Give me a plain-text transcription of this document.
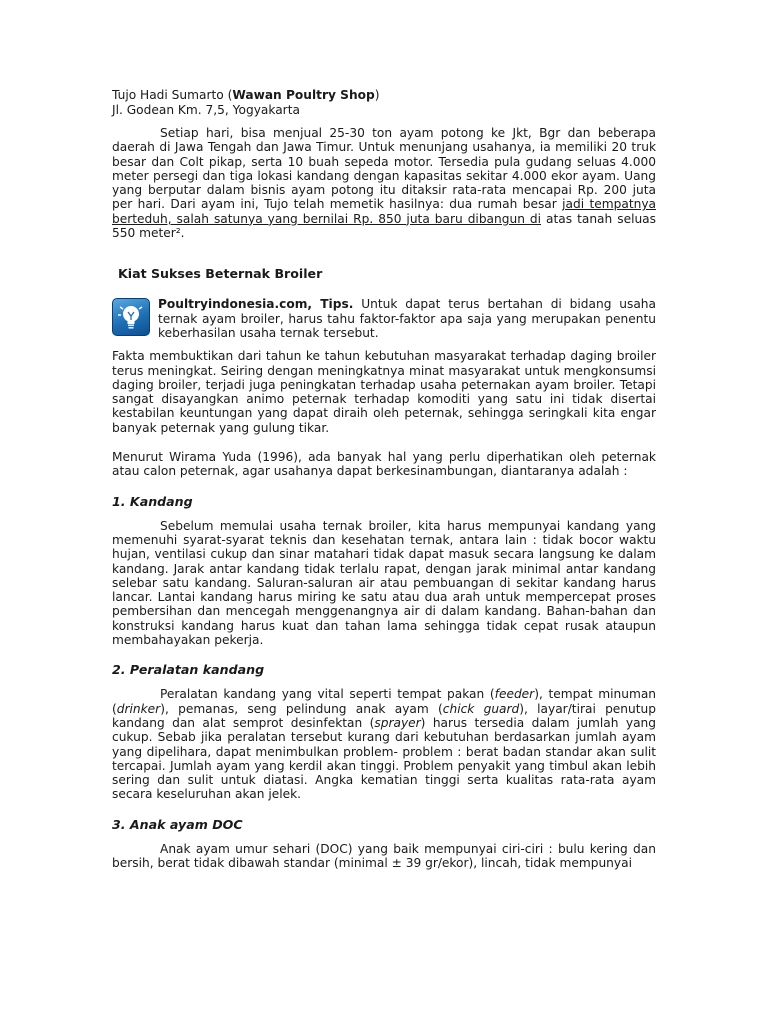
Tujo Hadi Sumarto (Wawan Poultry Shop)
Jl. Godean Km. 7,5, Yogyakarta

Setiap hari, bisa menjual 25-30 ton ayam potong ke Jkt, Bgr dan beberapa daerah di Jawa Tengah dan Jawa Timur. Untuk menunjang usahanya, ia memiliki 20 truk besar dan Colt pikap, serta 10 buah sepeda motor. Tersedia pula gudang seluas 4.000 meter persegi dan tiga lokasi kandang dengan kapasitas sekitar 4.000 ekor ayam. Uang yang berputar dalam bisnis ayam potong itu ditaksir rata-rata mencapai Rp. 200 juta per hari. Dari ayam ini, Tujo telah memetik hasilnya: dua rumah besar jadi tempatnya berteduh, salah satunya yang bernilai Rp. 850 juta baru dibangun di atas tanah seluas 550 meter².

Kiat Sukses Beternak Broiler

Poultryindonesia.com, Tips. Untuk dapat terus bertahan di bidang usaha ternak ayam broiler, harus tahu faktor-faktor apa saja yang merupakan penentu keberhasilan usaha ternak tersebut.

Fakta membuktikan dari tahun ke tahun kebutuhan masyarakat terhadap daging broiler terus meningkat. Seiring dengan meningkatnya minat masyarakat untuk mengkonsumsi daging broiler, terjadi juga peningkatan terhadap usaha peternakan ayam broiler. Tetapi sangat disayangkan animo peternak terhadap komoditi yang satu ini tidak disertai kestabilan keuntungan yang dapat diraih oleh peternak, sehingga seringkali kita engar banyak peternak yang gulung tikar.

Menurut Wirama Yuda (1996), ada banyak hal yang perlu diperhatikan oleh peternak atau calon peternak, agar usahanya dapat berkesinambungan, diantaranya adalah :

1. Kandang

Sebelum memulai usaha ternak broiler, kita harus mempunyai kandang yang memenuhi syarat-syarat teknis dan kesehatan ternak, antara lain : tidak bocor waktu hujan, ventilasi cukup dan sinar matahari tidak dapat masuk secara langsung ke dalam kandang. Jarak antar kandang tidak terlalu rapat, dengan jarak minimal antar kandang selebar satu kandang. Saluran-saluran air atau pembuangan di sekitar kandang harus lancar. Lantai kandang harus miring ke satu atau dua arah untuk mempercepat proses pembersihan dan mencegah menggenangnya air di dalam kandang. Bahan-bahan dan konstruksi kandang harus kuat dan tahan lama sehingga tidak cepat rusak ataupun membahayakan pekerja.

2. Peralatan kandang

Peralatan kandang yang vital seperti tempat pakan (feeder), tempat minuman (drinker), pemanas, seng pelindung anak ayam (chick guard), layar/tirai penutup kandang dan alat semprot desinfektan (sprayer) harus tersedia dalam jumlah yang cukup. Sebab jika peralatan tersebut kurang dari kebutuhan berdasarkan jumlah ayam yang dipelihara, dapat menimbulkan problem- problem : berat badan standar akan sulit tercapai. Jumlah ayam yang kerdil akan tinggi. Problem penyakit yang timbul akan lebih sering dan sulit untuk diatasi. Angka kematian tinggi serta kualitas rata-rata ayam secara keseluruhan akan jelek.

3. Anak ayam DOC

Anak ayam umur sehari (DOC) yang baik mempunyai ciri-ciri : bulu kering dan bersih, berat tidak dibawah standar (minimal ± 39 gr/ekor), lincah, tidak mempunyai
